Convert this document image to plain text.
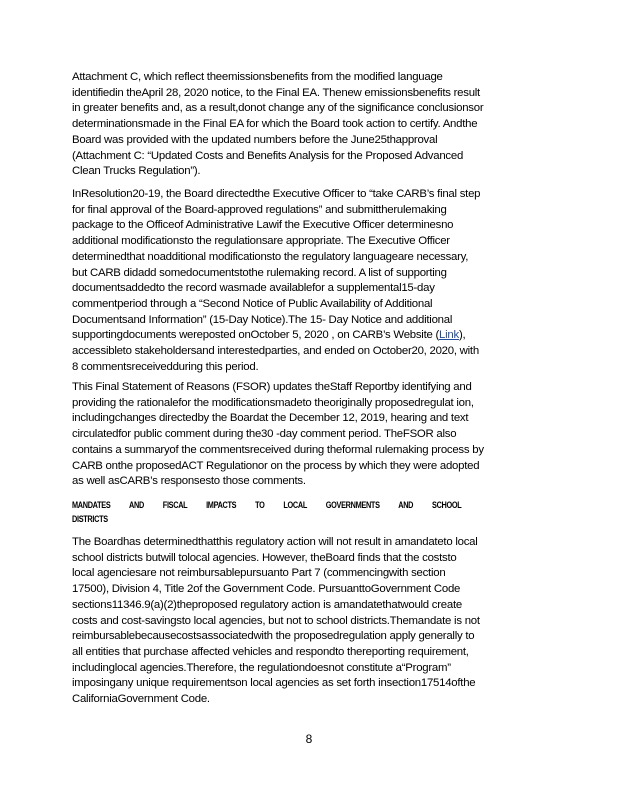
Attachment C, which reflect theemissionsbenefits from the modified language
identifiedin theApril 28, 2020 notice, to the Final EA. Thenew emissionsbenefits result
in greater benefits and, as a result,donot change any of the significance conclusionsor
determinationsmade in the Final EA for which the Board took action to certify. Andthe
Board was provided with the updated numbers before the June25thapproval
(Attachment C: “Updated Costs and Benefits Analysis for the Proposed Advanced
Clean Trucks Regulation”).
InResolution20-19, the Board directedthe Executive Officer to “take CARB’s final step
for final approval of the Board-approved regulations” and submittherulemaking
package to the Officeof Administrative Lawif the Executive Officer determinesno
additional modificationsto the regulationsare appropriate. The Executive Officer
determinedthat noadditional modificationsto the regulatory languageare necessary,
but CARB didadd somedocumentstothe rulemaking record. A list of supporting
documentsaddedto the record wasmade availablefor a supplemental15-day
commentperiod through a “Second Notice of Public Availability of Additional
Documentsand Information” (15-Day Notice).The 15- Day Notice and additional
supportingdocuments wereposted onOctober 5, 2020 , on CARB’s Website (Link),
accessibleto stakeholdersand interestedparties, and ended on October20, 2020, with
8 commentsreceivedduring this period.
This Final Statement of Reasons (FSOR) updates theStaff Reportby identifying and
providing the rationalefor the modificationsmadeto theoriginally proposedregulat ion,
includingchanges directedby the Boardat the December 12, 2019, hearing and text
circulatedfor public comment during the30 -day comment period. TheFSOR also
contains a summaryof the commentsreceived during theformal rulemaking process by
CARB onthe proposedACT Regulationor on the process by which they were adopted
as well asCARB’s responsesto those comments.
MANDATES AND FISCAL IMPACTS TO LOCAL GOVERNMENTS AND SCHOOL
DISTRICTS
The Boardhas determinedthatthis regulatory action will not result in amandateto local
school districts butwill tolocal agencies. However, theBoard finds that the coststo
local agenciesare not reimbursablepursuanto Part 7 (commencingwith section
17500), Division 4, Title 2of the Government Code. PursuanttoGovernment Code
sections11346.9(a)(2)theproposed regulatory action is amandatethatwould create
costs and cost-savingsto local agencies, but not to school districts.Themandate is not
reimbursablebecausecostsassociatedwith the proposedregulation apply generally to
all entities that purchase affected vehicles and respondto thereporting requirement,
includinglocal agencies.Therefore, the regulationdoesnot constitute a“Program”
imposingany unique requirementson local agencies as set forth insection17514ofthe
CaliforniaGovernment Code.
8
